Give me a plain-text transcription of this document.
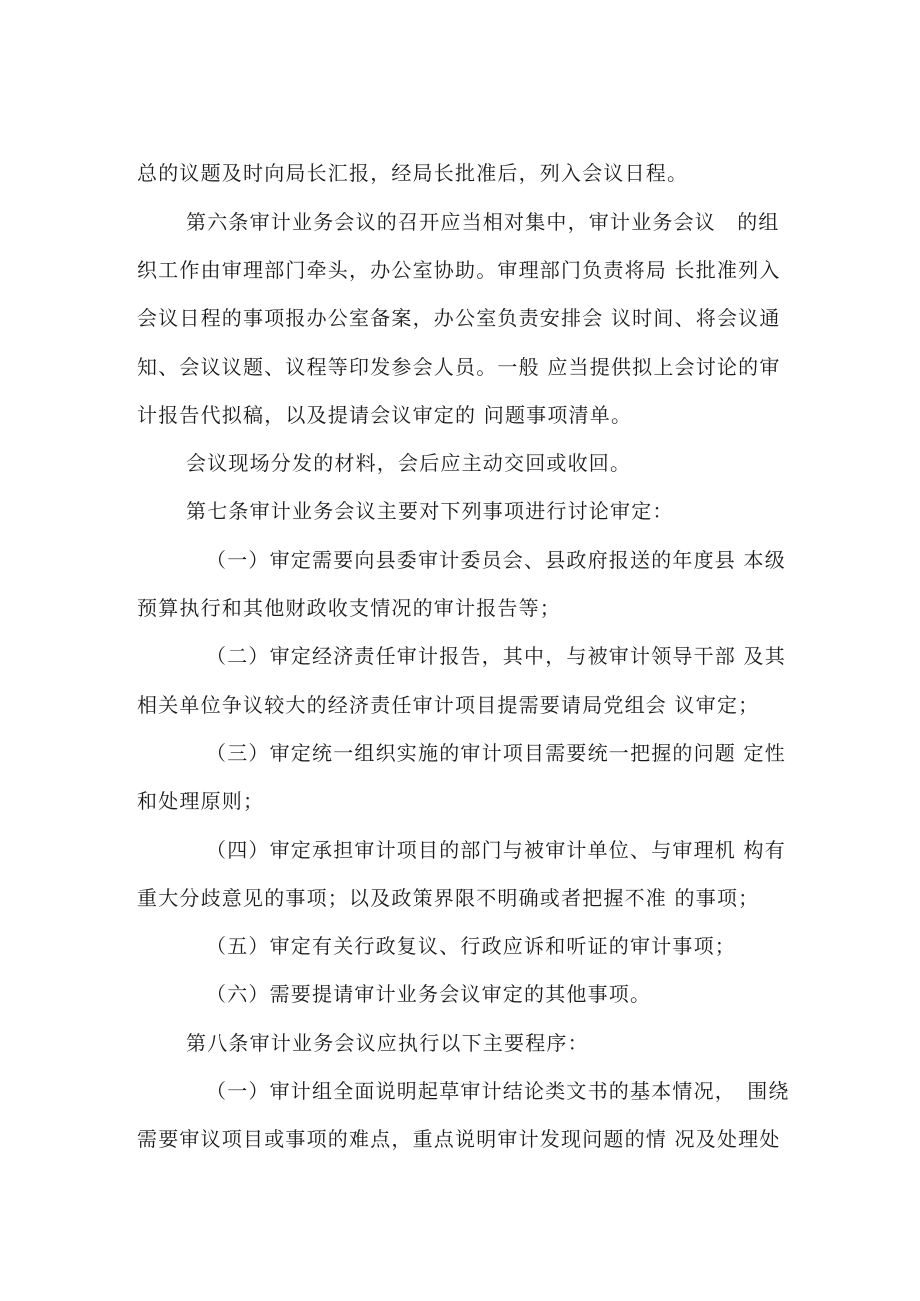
总的议题及时向局长汇报，经局长批准后，列入会议日程。
第六条审计业务会议的召开应当相对集中，审计业务会议　的组
织工作由审理部门牵头，办公室协助。审理部门负责将局 长批准列入
会议日程的事项报办公室备案，办公室负责安排会 议时间、将会议通
知、会议议题、议程等印发参会人员。一般 应当提供拟上会讨论的审
计报告代拟稿，以及提请会议审定的 问题事项清单。
会议现场分发的材料，会后应主动交回或收回。
第七条审计业务会议主要对下列事项进行讨论审定：
（一）审定需要向县委审计委员会、县政府报送的年度县 本级
预算执行和其他财政收支情况的审计报告等；
（二）审定经济责任审计报告，其中，与被审计领导干部 及其
相关单位争议较大的经济责任审计项目提需要请局党组会 议审定；
（三）审定统一组织实施的审计项目需要统一把握的问题 定性
和处理原则；
（四）审定承担审计项目的部门与被审计单位、与审理机 构有
重大分歧意见的事项；以及政策界限不明确或者把握不准 的事项；
（五）审定有关行政复议、行政应诉和听证的审计事项；
（六）需要提请审计业务会议审定的其他事项。
第八条审计业务会议应执行以下主要程序：
（一）审计组全面说明起草审计结论类文书的基本情况，　围绕
需要审议项目或事项的难点，重点说明审计发现问题的情 况及处理处
